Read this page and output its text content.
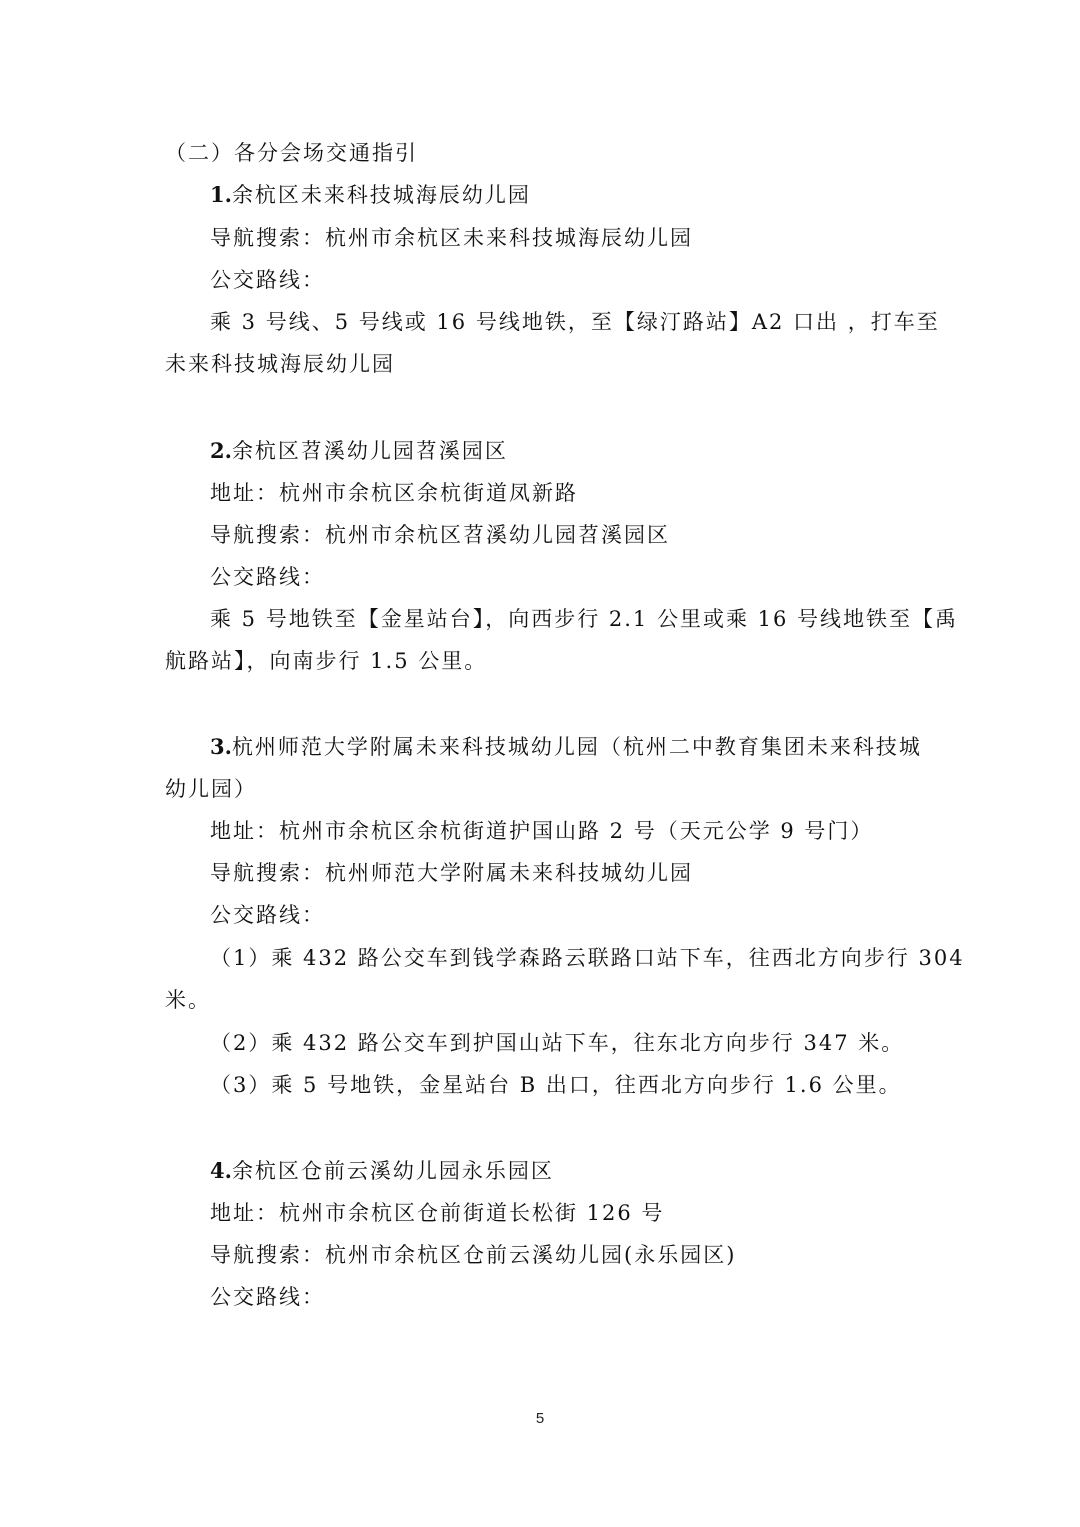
（二）各分会场交通指引

1.余杭区未来科技城海辰幼儿园

导航搜索：杭州市余杭区未来科技城海辰幼儿园

公交路线：

乘 3 号线、5 号线或 16 号线地铁，至【绿汀路站】A2 口出 ，打车至

未来科技城海辰幼儿园

2.余杭区苕溪幼儿园苕溪园区

地址：杭州市余杭区余杭街道凤新路

导航搜索：杭州市余杭区苕溪幼儿园苕溪园区

公交路线：

乘 5 号地铁至【金星站台】，向西步行 2.1 公里或乘 16 号线地铁至【禹

航路站】，向南步行 1.5 公里。

3.杭州师范大学附属未来科技城幼儿园（杭州二中教育集团未来科技城

幼儿园）

地址：杭州市余杭区余杭街道护国山路 2 号（天元公学 9 号门）

导航搜索：杭州师范大学附属未来科技城幼儿园

公交路线：

（1）乘 432 路公交车到钱学森路云联路口站下车，往西北方向步行 304

米。

（2）乘 432 路公交车到护国山站下车，往东北方向步行 347 米。

（3）乘 5 号地铁，金星站台 B 出口，往西北方向步行 1.6 公里。

4.余杭区仓前云溪幼儿园永乐园区

地址：杭州市余杭区仓前街道长松街 126 号

导航搜索：杭州市余杭区仓前云溪幼儿园(永乐园区)

公交路线：

5
